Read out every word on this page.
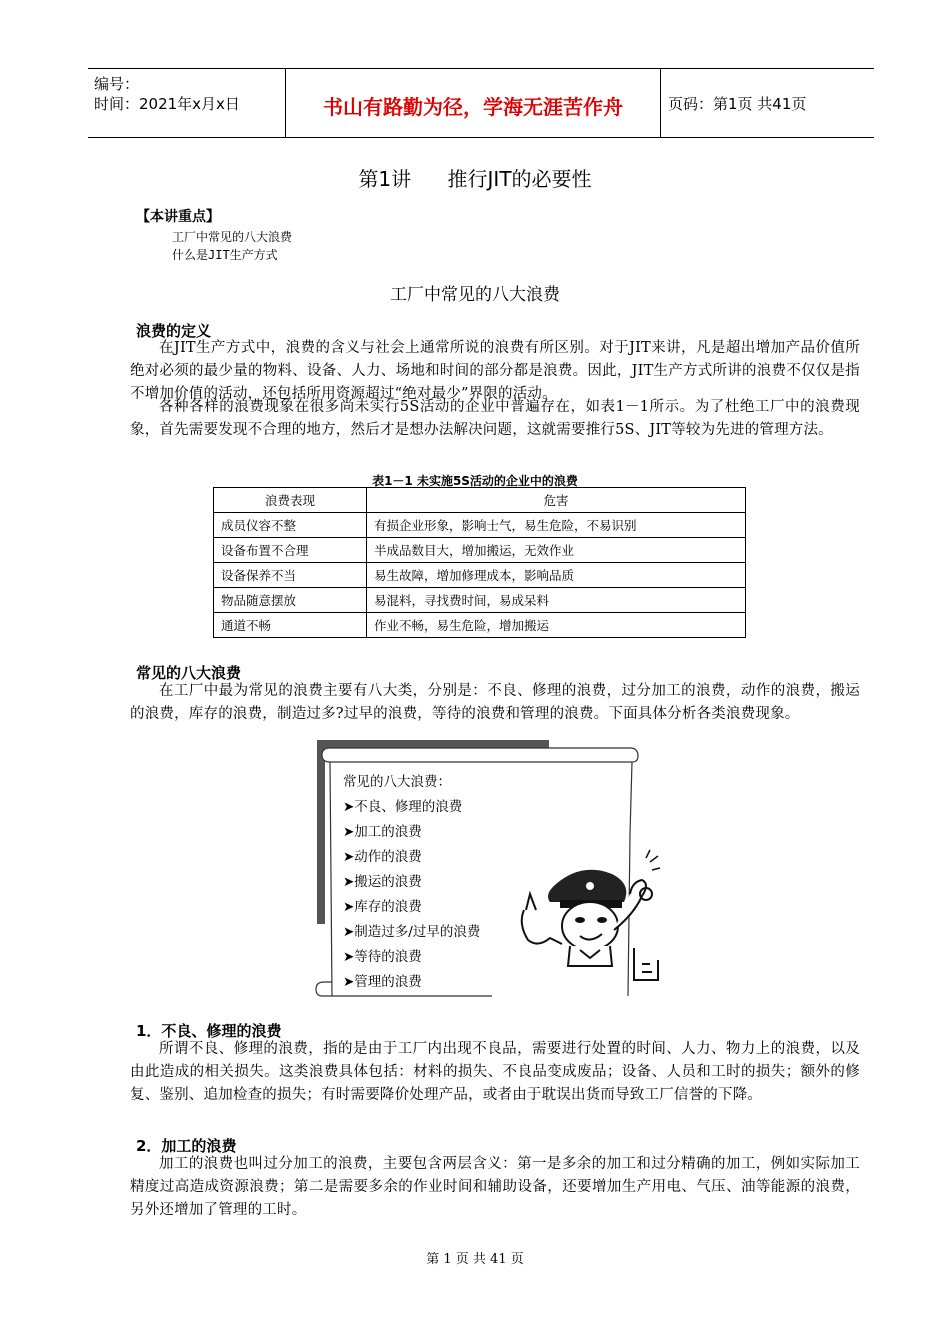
编号：
时间：2021年x月x日	书山有路勤为径，学海无涯苦作舟	页码：第1页 共41页
第1讲 推行JIT的必要性
【本讲重点】
工厂中常见的八大浪费
什么是JIT生产方式
工厂中常见的八大浪费
浪费的定义
在JIT生产方式中，浪费的含义与社会上通常所说的浪费有所区别。对于JIT来讲，凡是超出增加产品价值所绝对必须的最少量的物料、设备、人力、场地和时间的部分都是浪费。因此，JIT生产方式所讲的浪费不仅仅是指不增加价值的活动，还包括所用资源超过“绝对最少”界限的活动。
各种各样的浪费现象在很多尚未实行5S活动的企业中普遍存在，如表1－1所示。为了杜绝工厂中的浪费现象，首先需要发现不合理的地方，然后才是想办法解决问题，这就需要推行5S、JIT等较为先进的管理方法。
表1－1 未实施5S活动的企业中的浪费
浪费表现	危害
成员仪容不整	有损企业形象，影响士气，易生危险，不易识别
设备布置不合理	半成品数目大，增加搬运，无效作业
设备保养不当	易生故障，增加修理成本，影响品质
物品随意摆放	易混料，寻找费时间，易成呆料
通道不畅	作业不畅，易生危险，增加搬运
常见的八大浪费
在工厂中最为常见的浪费主要有八大类，分别是：不良、修理的浪费，过分加工的浪费，动作的浪费，搬运的浪费，库存的浪费，制造过多?过早的浪费，等待的浪费和管理的浪费。下面具体分析各类浪费现象。
常见的八大浪费：
➤不良、修理的浪费
➤加工的浪费
➤动作的浪费
➤搬运的浪费
➤库存的浪费
➤制造过多/过早的浪费
➤等待的浪费
➤管理的浪费
1．不良、修理的浪费
所谓不良、修理的浪费，指的是由于工厂内出现不良品，需要进行处置的时间、人力、物力上的浪费，以及由此造成的相关损失。这类浪费具体包括：材料的损失、不良品变成废品；设备、人员和工时的损失；额外的修复、鉴别、追加检查的损失；有时需要降价处理产品，或者由于耽误出货而导致工厂信誉的下降。
2．加工的浪费
加工的浪费也叫过分加工的浪费，主要包含两层含义：第一是多余的加工和过分精确的加工，例如实际加工精度过高造成资源浪费；第二是需要多余的作业时间和辅助设备，还要增加生产用电、气压、油等能源的浪费，另外还增加了管理的工时。
第 1 页 共 41 页
